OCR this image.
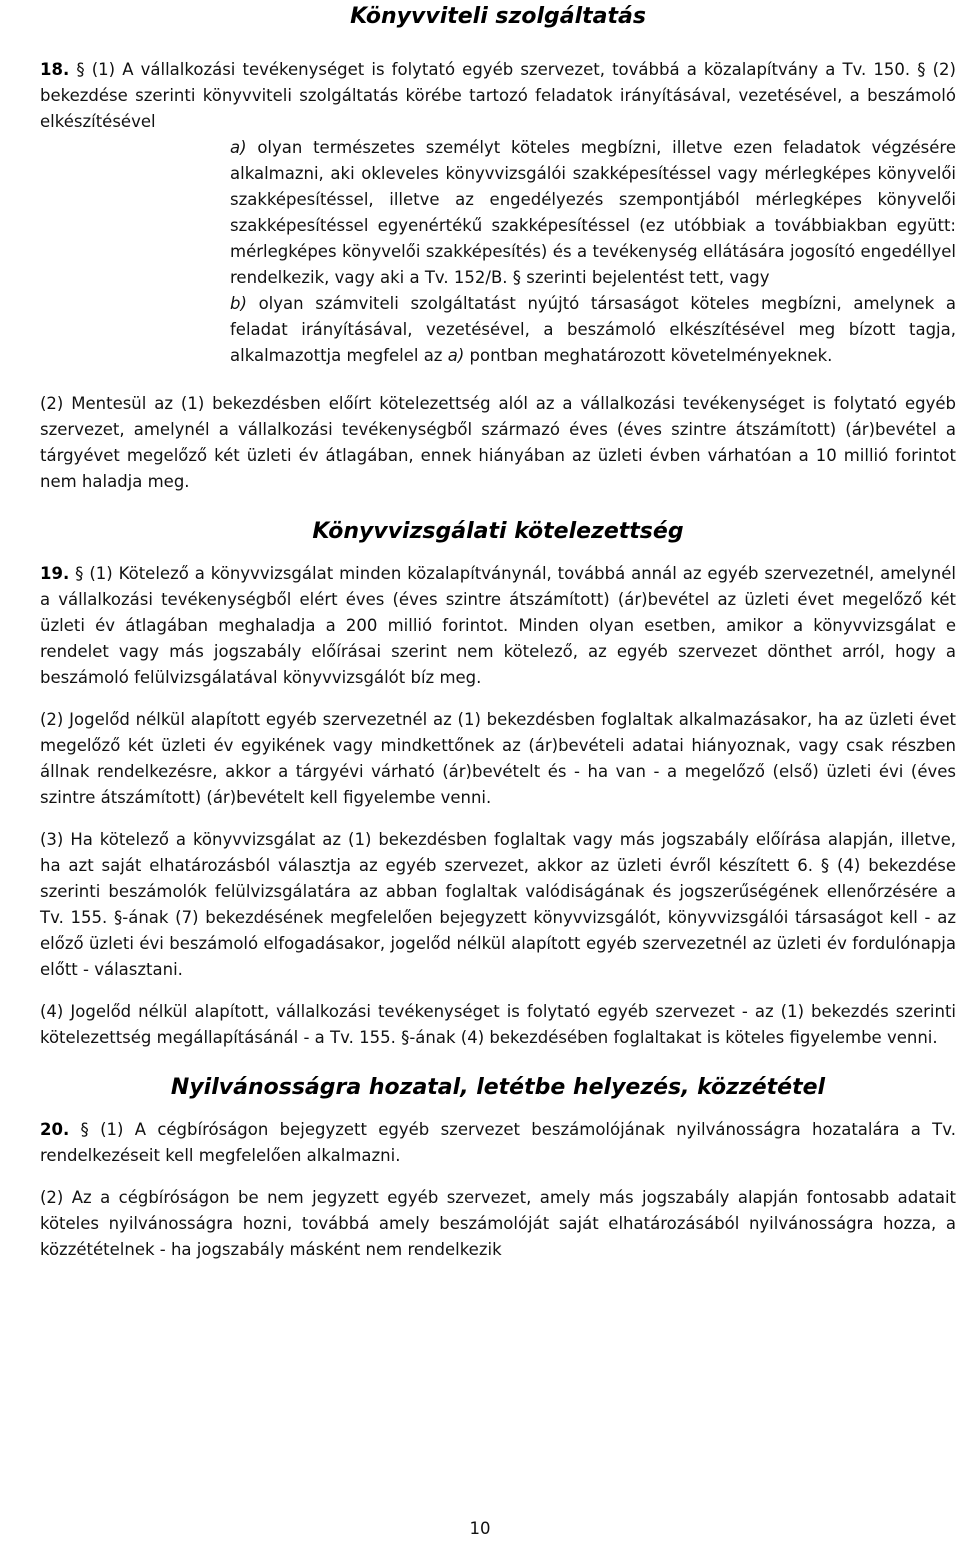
Könyvviteli szolgáltatás
18. § (1) A vállalkozási tevékenységet is folytató egyéb szervezet, továbbá a közalapítvány a Tv. 150. § (2) bekezdése szerinti könyvviteli szolgáltatás körébe tartozó feladatok irányításával, vezetésével, a beszámoló elkészítésével
a) olyan természetes személyt köteles megbízni, illetve ezen feladatok végzésére alkalmazni, aki okleveles könyvvizsgálói szakképesítéssel vagy mérlegképes könyvelői szakképesítéssel, illetve az engedélyezés szempontjából mérlegképes könyvelői szakképesítéssel egyenértékű szakképesítéssel (ez utóbbiak a továbbiakban együtt: mérlegképes könyvelői szakképesítés) és a tevékenység ellátására jogosító engedéllyel rendelkezik, vagy aki a Tv. 152/B. § szerinti bejelentést tett, vagy
b) olyan számviteli szolgáltatást nyújtó társaságot köteles megbízni, amelynek a feladat irányításával, vezetésével, a beszámoló elkészítésével meg bízott tagja, alkalmazottja megfelel az a) pontban meghatározott követelményeknek.
(2) Mentesül az (1) bekezdésben előírt kötelezettség alól az a vállalkozási tevékenységet is folytató egyéb szervezet, amelynél a vállalkozási tevékenységből származó éves (éves szintre átszámított) (ár)bevétel a tárgyévet megelőző két üzleti év átlagában, ennek hiányában az üzleti évben várhatóan a 10 millió forintot nem haladja meg.
Könyvvizsgálati kötelezettség
19. § (1) Kötelező a könyvvizsgálat minden közalapítványnál, továbbá annál az egyéb szervezetnél, amelynél a vállalkozási tevékenységből elért éves (éves szintre átszámított) (ár)bevétel az üzleti évet megelőző két üzleti év átlagában meghaladja a 200 millió forintot. Minden olyan esetben, amikor a könyvvizsgálat e rendelet vagy más jogszabály előírásai szerint nem kötelező, az egyéb szervezet dönthet arról, hogy a beszámoló felülvizsgálatával könyvvizsgálót bíz meg.
(2) Jogelőd nélkül alapított egyéb szervezetnél az (1) bekezdésben foglaltak alkalmazásakor, ha az üzleti évet megelőző két üzleti év egyikének vagy mindkettőnek az (ár)bevételi adatai hiányoznak, vagy csak részben állnak rendelkezésre, akkor a tárgyévi várható (ár)bevételt és - ha van - a megelőző (első) üzleti évi (éves szintre átszámított) (ár)bevételt kell figyelembe venni.
(3) Ha kötelező a könyvvizsgálat az (1) bekezdésben foglaltak vagy más jogszabály előírása alapján, illetve, ha azt saját elhatározásból választja az egyéb szervezet, akkor az üzleti évről készített 6. § (4) bekezdése szerinti beszámolók felülvizsgálatára az abban foglaltak valódiságának és jogszerűségének ellenőrzésére a Tv. 155. §-ának (7) bekezdésének megfelelően bejegyzett könyvvizsgálót, könyvvizsgálói társaságot kell - az előző üzleti évi beszámoló elfogadásakor, jogelőd nélkül alapított egyéb szervezetnél az üzleti év fordulónapja előtt - választani.
(4) Jogelőd nélkül alapított, vállalkozási tevékenységet is folytató egyéb szervezet - az (1) bekezdés szerinti kötelezettség megállapításánál - a Tv. 155. §-ának (4) bekezdésében foglaltakat is köteles figyelembe venni.
Nyilvánosságra hozatal, letétbe helyezés, közzététel
20. § (1) A cégbíróságon bejegyzett egyéb szervezet beszámolójának nyilvánosságra hozatalára a Tv. rendelkezéseit kell megfelelően alkalmazni.
(2) Az a cégbíróságon be nem jegyzett egyéb szervezet, amely más jogszabály alapján fontosabb adatait köteles nyilvánosságra hozni, továbbá amely beszámolóját saját elhatározásából nyilvánosságra hozza, a közzétételnek - ha jogszabály másként nem rendelkezik
10
